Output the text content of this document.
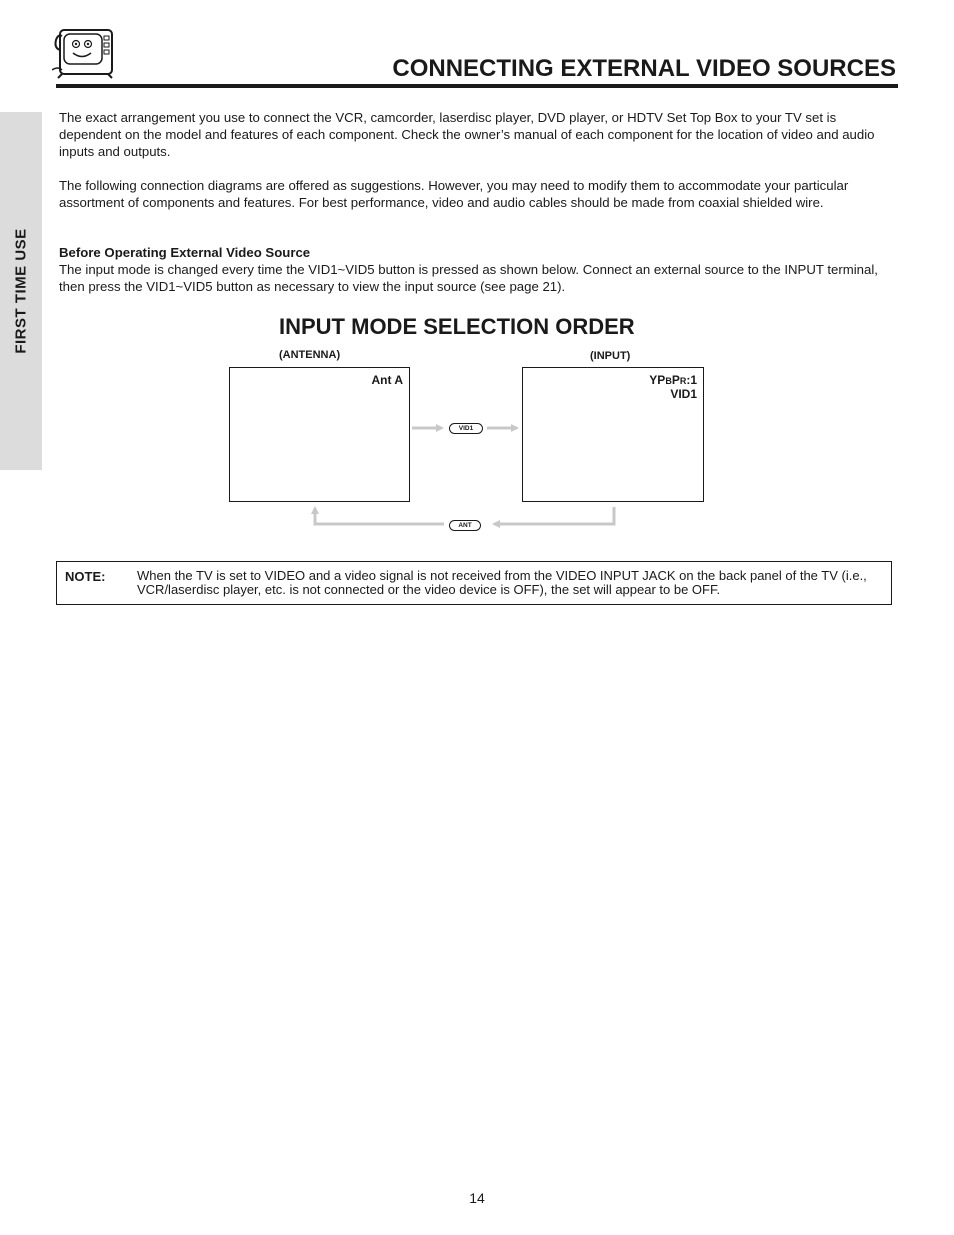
FIRST TIME USE
CONNECTING EXTERNAL VIDEO SOURCES

The exact arrangement you use to connect the VCR, camcorder, laserdisc player, DVD player, or HDTV Set Top Box to your TV set is dependent on the model and features of each component. Check the owner’s manual of each component for the location of video and audio inputs and outputs.

The following connection diagrams are offered as suggestions. However, you may need to modify them to accommodate your particular assortment of components and features. For best performance, video and audio cables should be made from coaxial shielded wire.

Before Operating External Video Source

The input mode is changed every time the VID1~VID5 button is pressed as shown below. Connect an external source to the INPUT terminal, then press the VID1~VID5 button as necessary to view the input source (see page 21).

INPUT MODE SELECTION ORDER
(ANTENNA)	(INPUT)
Ant A	YPBPR:1
VID1
VID1
ANT
NOTE: When the TV is set to VIDEO and a video signal is not received from the VIDEO INPUT JACK on the back panel of the TV (i.e., VCR/laserdisc player, etc. is not connected or the video device is OFF), the set will appear to be OFF.
14
